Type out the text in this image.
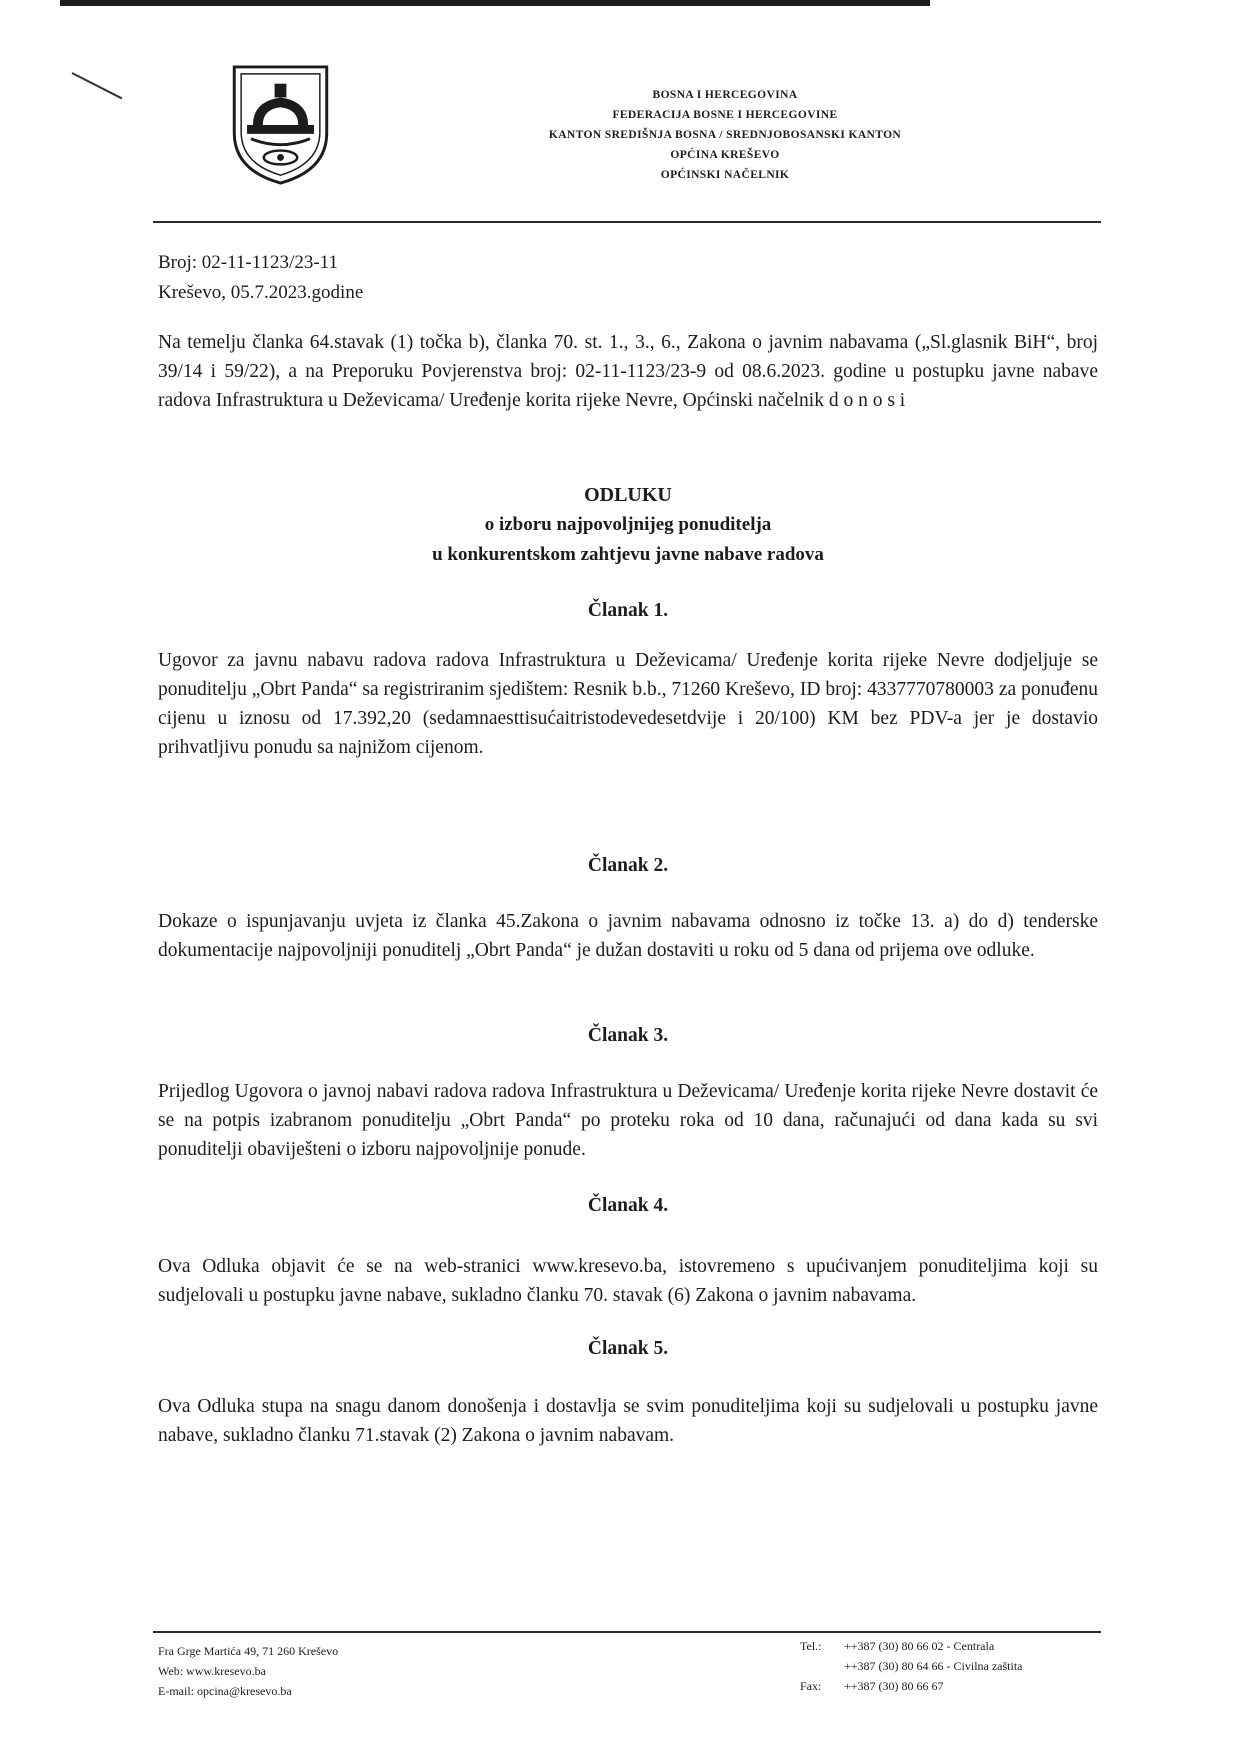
BOSNA I HERCEGOVINA
FEDERACIJA BOSNE I HERCEGOVINE
KANTON SREDIŠNJA BOSNA / SREDNJOBOSANSKI KANTON
OPĆINA KREŠEVO
OPĆINSKI NAČELNIK
Broj: 02-11-1123/23-11
Kreševo, 05.7.2023.godine
Na temelju članka 64.stavak (1) točka b), članka 70. st. 1., 3., 6., Zakona o javnim nabavama („Sl.glasnik BiH“, broj 39/14 i 59/22), a na Preporuku Povjerenstva broj: 02-11-1123/23-9 od 08.6.2023. godine u postupku javne nabave radova Infrastruktura u Deževicama/ Uređenje korita rijeke Nevre, Općinski načelnik d o n o s i
ODLUKU
o izboru najpovoljnijeg ponuditelja
u konkurentskom zahtjevu javne nabave radova
Članak 1.
Ugovor za javnu nabavu radova radova Infrastruktura u Deževicama/ Uređenje korita rijeke Nevre dodjeljuje se ponuditelju „Obrt Panda“ sa registriranim sjedištem: Resnik b.b., 71260 Kreševo, ID broj: 4337770780003 za ponuđenu cijenu u iznosu od 17.392,20 (sedamnaesttisućaitristodevedesetdvije i 20/100) KM bez PDV-a jer je dostavio prihvatljivu ponudu sa najnižom cijenom.
Članak 2.
Dokaze o ispunjavanju uvjeta iz članka 45.Zakona o javnim nabavama odnosno iz točke 13. a) do d) tenderske dokumentacije najpovoljniji ponuditelj „Obrt Panda“ je dužan dostaviti u roku od 5 dana od prijema ove odluke.
Članak 3.
Prijedlog Ugovora o javnoj nabavi radova radova Infrastruktura u Deževicama/ Uređenje korita rijeke Nevre dostavit će se na potpis izabranom ponuditelju „Obrt Panda“ po proteku roka od 10 dana, računajući od dana kada su svi ponuditelji obaviješteni o izboru najpovoljnije ponude.
Članak 4.
Ova Odluka objavit će se na web-stranici www.kresevo.ba, istovremeno s upućivanjem ponuditeljima koji su sudjelovali u postupku javne nabave, sukladno članku 70. stavak (6) Zakona o javnim nabavama.
Članak 5.
Ova Odluka stupa na snagu danom donošenja i dostavlja se svim ponuditeljima koji su sudjelovali u postupku javne nabave, sukladno članku 71.stavak (2) Zakona o javnim nabavam.
Fra Grge Martića 49, 71 260 Kreševo
Web: www.kresevo.ba
E-mail: opcina@kresevo.ba
Tel.:	++387 (30) 80 66 02 - Centrala
++387 (30) 80 64 66 - Civilna zaštita
Fax:	++387 (30) 80 66 67
